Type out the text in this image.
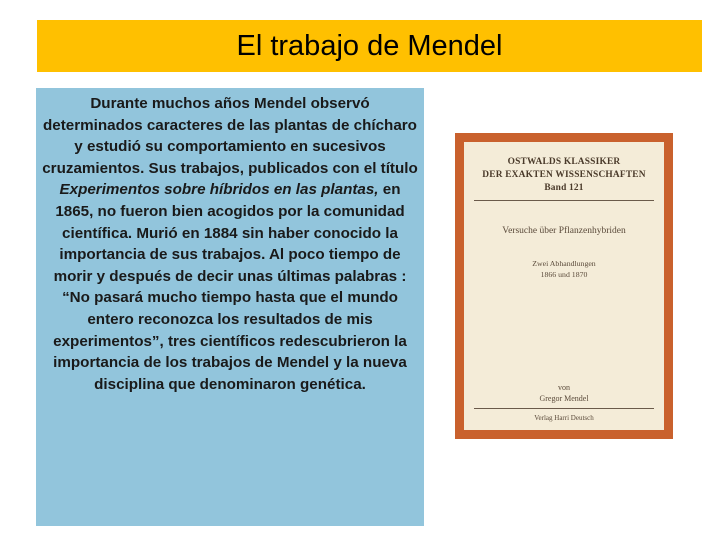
El trabajo de Mendel

Durante muchos años Mendel observó determinados caracteres de las plantas de chícharo y estudió su comportamiento en sucesivos cruzamientos. Sus trabajos, publicados con el título Experimentos sobre híbridos en las plantas, en 1865, no fueron bien acogidos por la comunidad científica. Murió en 1884 sin haber conocido la importancia de sus trabajos. Al poco tiempo de morir y después de decir unas últimas palabras : “No pasará mucho tiempo hasta que el mundo entero reconozca los resultados de mis experimentos”, tres científicos redescubrieron la importancia de los trabajos de Mendel y la nueva disciplina que denominaron genética.

OSTWALDS KLASSIKER
DER EXAKTEN WISSENSCHAFTEN
Band 121
Versuche über Pflanzenhybriden
Zwei Abhandlungen
1866 und 1870
von
Gregor Mendel
Verlag Harri Deutsch
